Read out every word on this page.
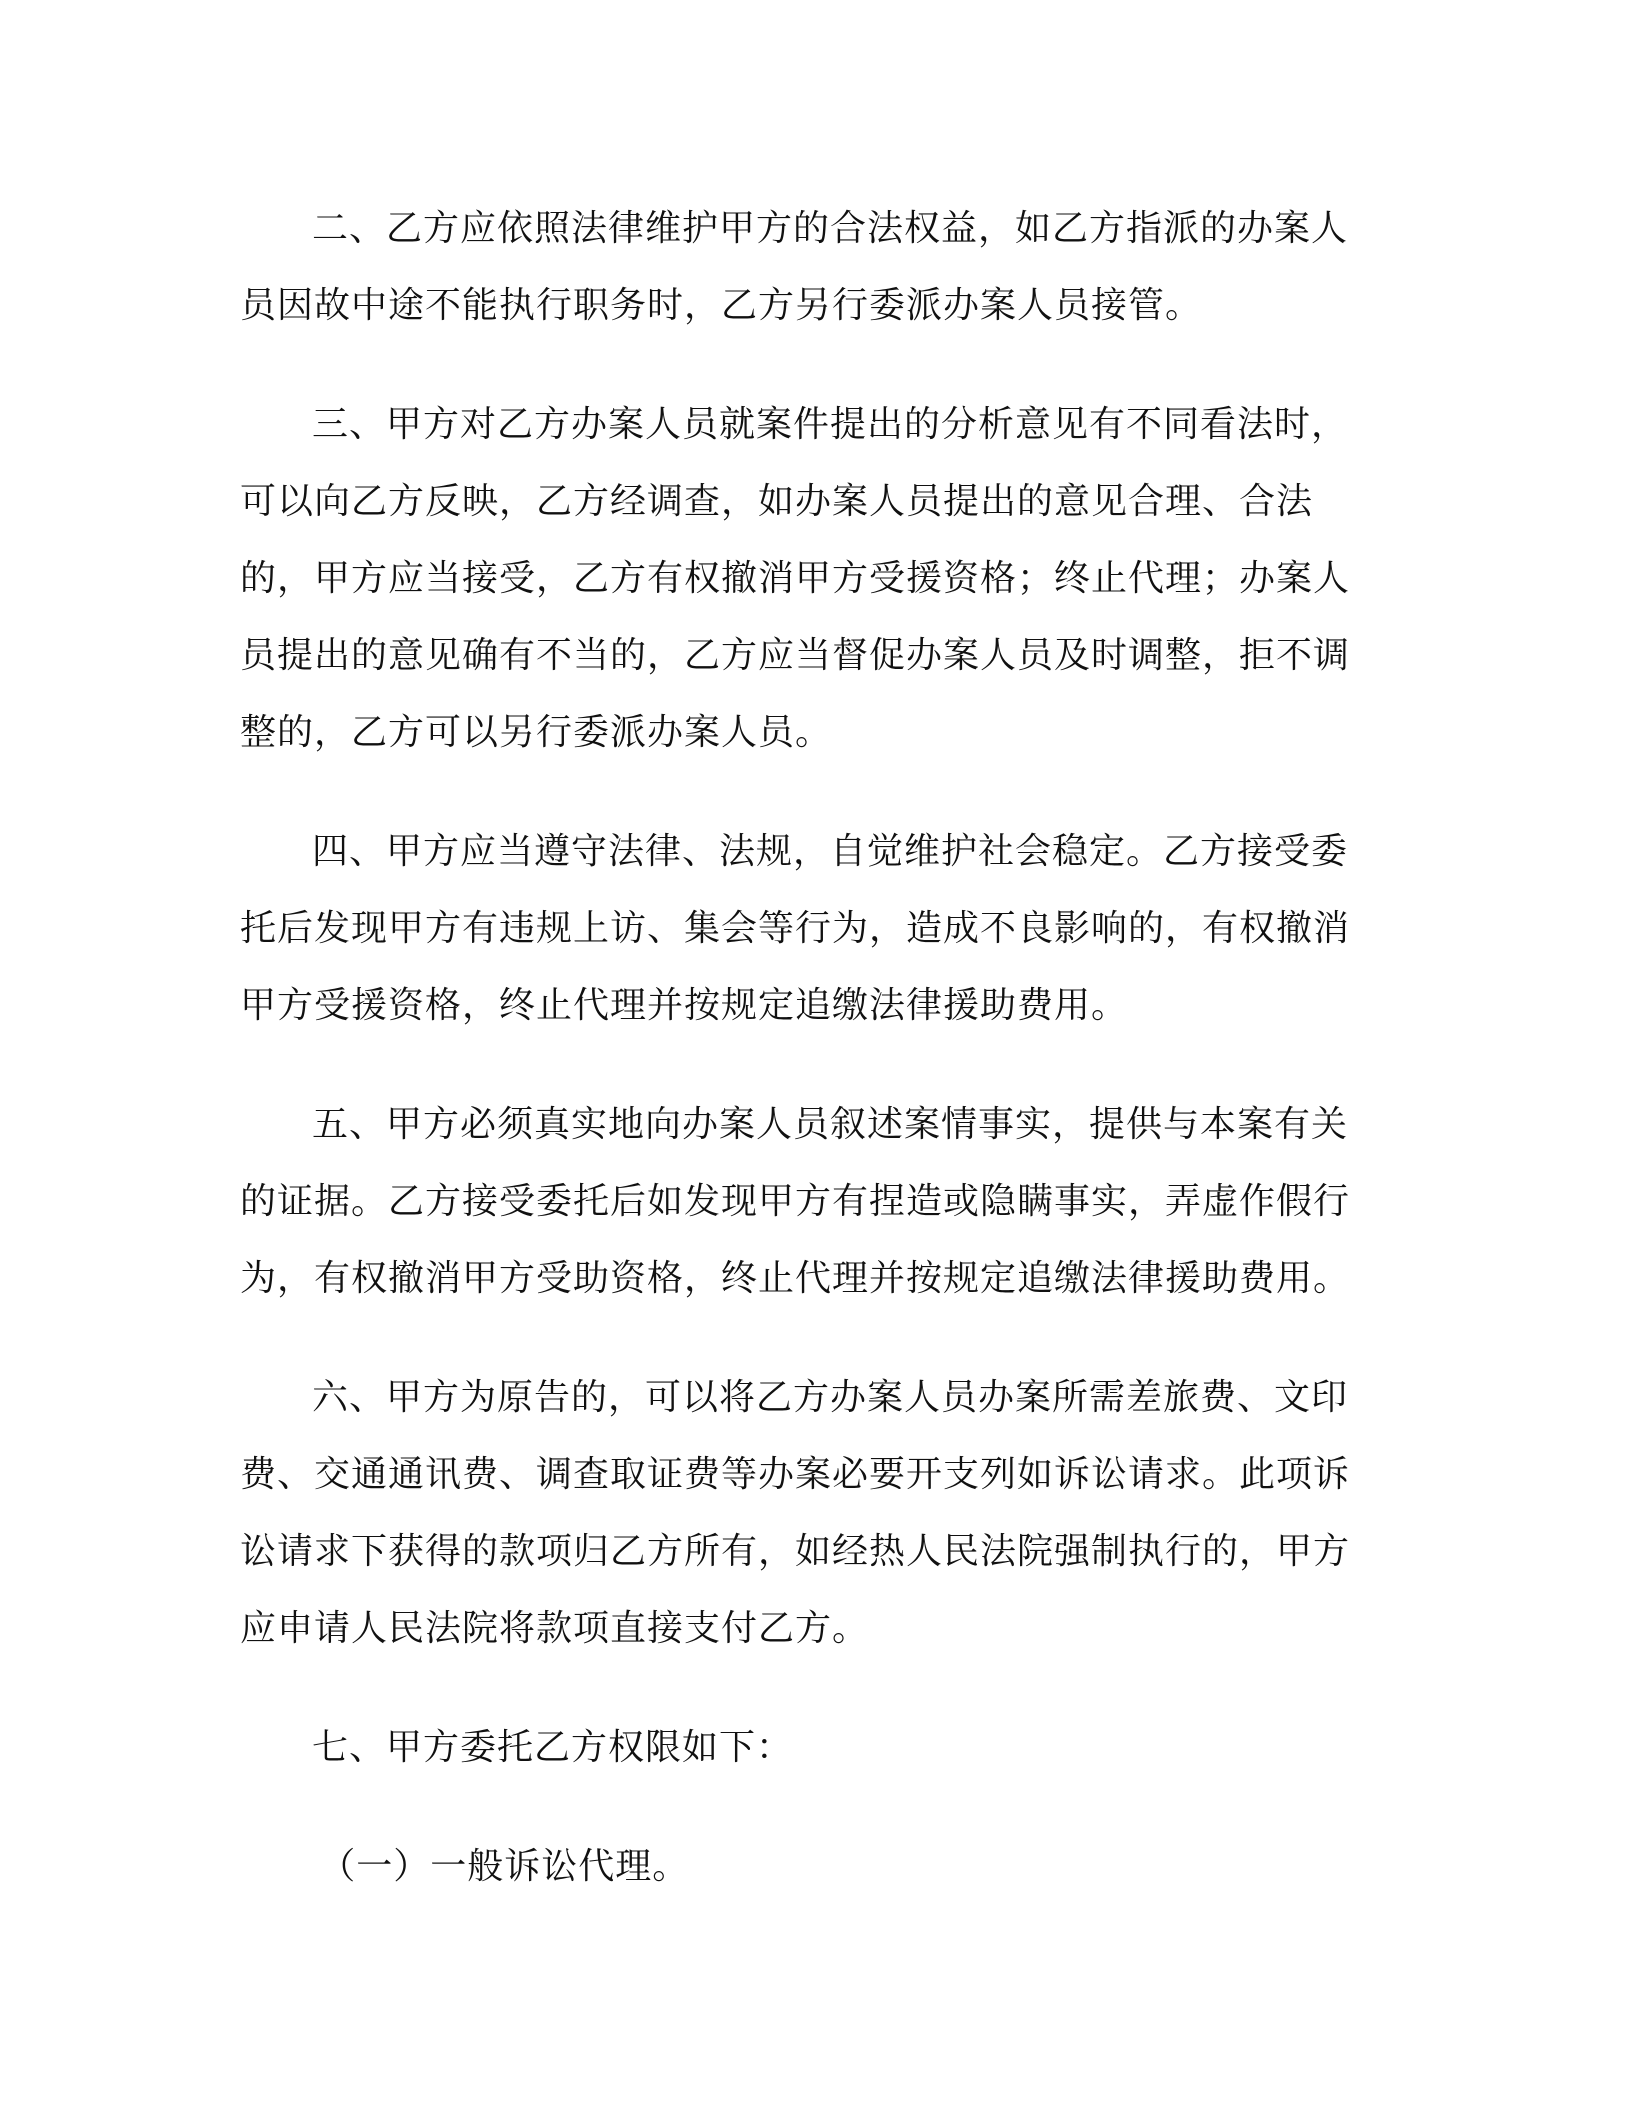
二、乙方应依照法律维护甲方的合法权益，如乙方指派的办案人员因故中途不能执行职务时，乙方另行委派办案人员接管。
三、甲方对乙方办案人员就案件提出的分析意见有不同看法时，可以向乙方反映，乙方经调查，如办案人员提出的意见合理、合法的，甲方应当接受，乙方有权撤消甲方受援资格；终止代理；办案人员提出的意见确有不当的，乙方应当督促办案人员及时调整，拒不调整的，乙方可以另行委派办案人员。
四、甲方应当遵守法律、法规，自觉维护社会稳定。乙方接受委托后发现甲方有违规上访、集会等行为，造成不良影响的，有权撤消甲方受援资格，终止代理并按规定追缴法律援助费用。
五、甲方必须真实地向办案人员叙述案情事实，提供与本案有关的证据。乙方接受委托后如发现甲方有捏造或隐瞒事实，弄虚作假行为，有权撤消甲方受助资格，终止代理并按规定追缴法律援助费用。
六、甲方为原告的，可以将乙方办案人员办案所需差旅费、文印费、交通通讯费、调查取证费等办案必要开支列如诉讼请求。此项诉讼请求下获得的款项归乙方所有，如经热人民法院强制执行的，甲方应申请人民法院将款项直接支付乙方。
七、甲方委托乙方权限如下：
（一）一般诉讼代理。
